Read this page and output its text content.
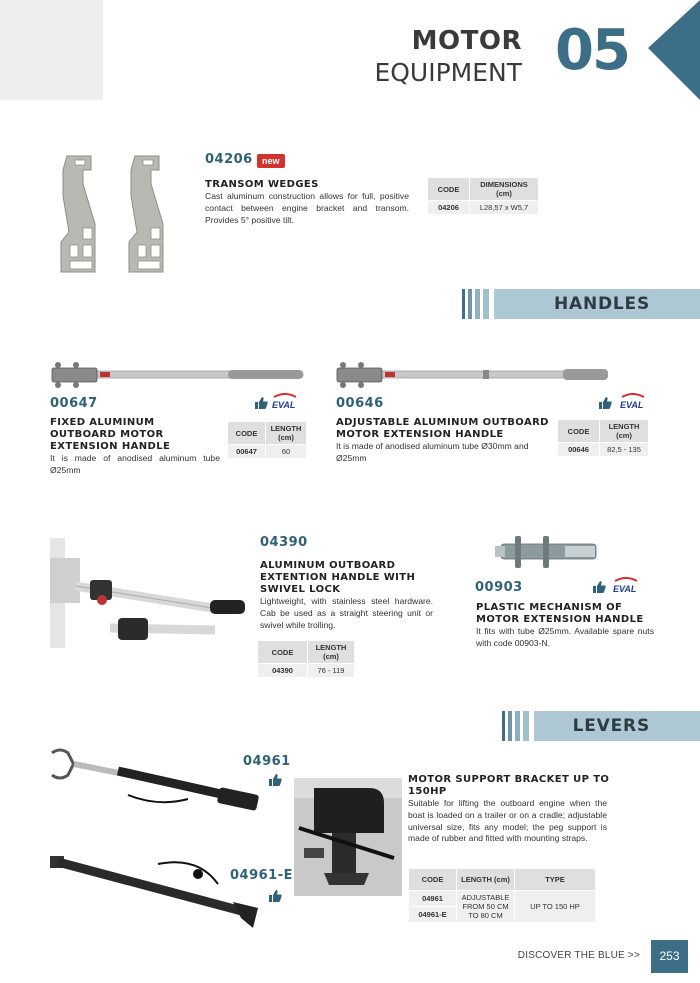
MOTOR
EQUIPMENT 05
04206	new
TRANSOM WEDGES
Cast aluminum construction allows for full, positive contact between engine bracket and transom. Provides 5° positive tilt.
CODE	DIMENSIONS (cm)
04206	L28,57 x W5,7
HANDLES
00647	EVAL
FIXED ALUMINUM
OUTBOARD MOTOR
EXTENSION HANDLE
It is made of anodised aluminum tube Ø25mm
CODE	LENGTH (cm)
00647	60
00646	EVAL
ADJUSTABLE ALUMINUM OUTBOARD
MOTOR EXTENSION HANDLE
It is made of anodised aluminum tube Ø30mm and Ø25mm
CODE	LENGTH (cm)
00646	82,5 - 135
04390
ALUMINUM OUTBOARD
EXTENTION HANDLE WITH
SWIVEL LOCK
Lightweight, with stainless steel hardware. Cab be used as a straight steering unit or swivel while trolling.
CODE	LENGTH (cm)
04390	76 - 119
00903	EVAL
PLASTIC MECHANISM OF
MOTOR EXTENSION HANDLE
It fits with tube Ø25mm. Available spare nuts with code 00903-N.
LEVERS
04961
04961-E
MOTOR SUPPORT BRACKET UP TO
150HP
Suitable for lifting the outboard engine when the boat is loaded on a trailer or on a cradle; adjustable universal size, fits any model; the peg support is made of rubber and fitted with mounting straps.
CODE	LENGTH (cm)	TYPE
04961	ADJUSTABLE FROM 50 CM TO 80 CM	UP TO 150 HP
04961-E		
DISCOVER THE BLUE >>	253
